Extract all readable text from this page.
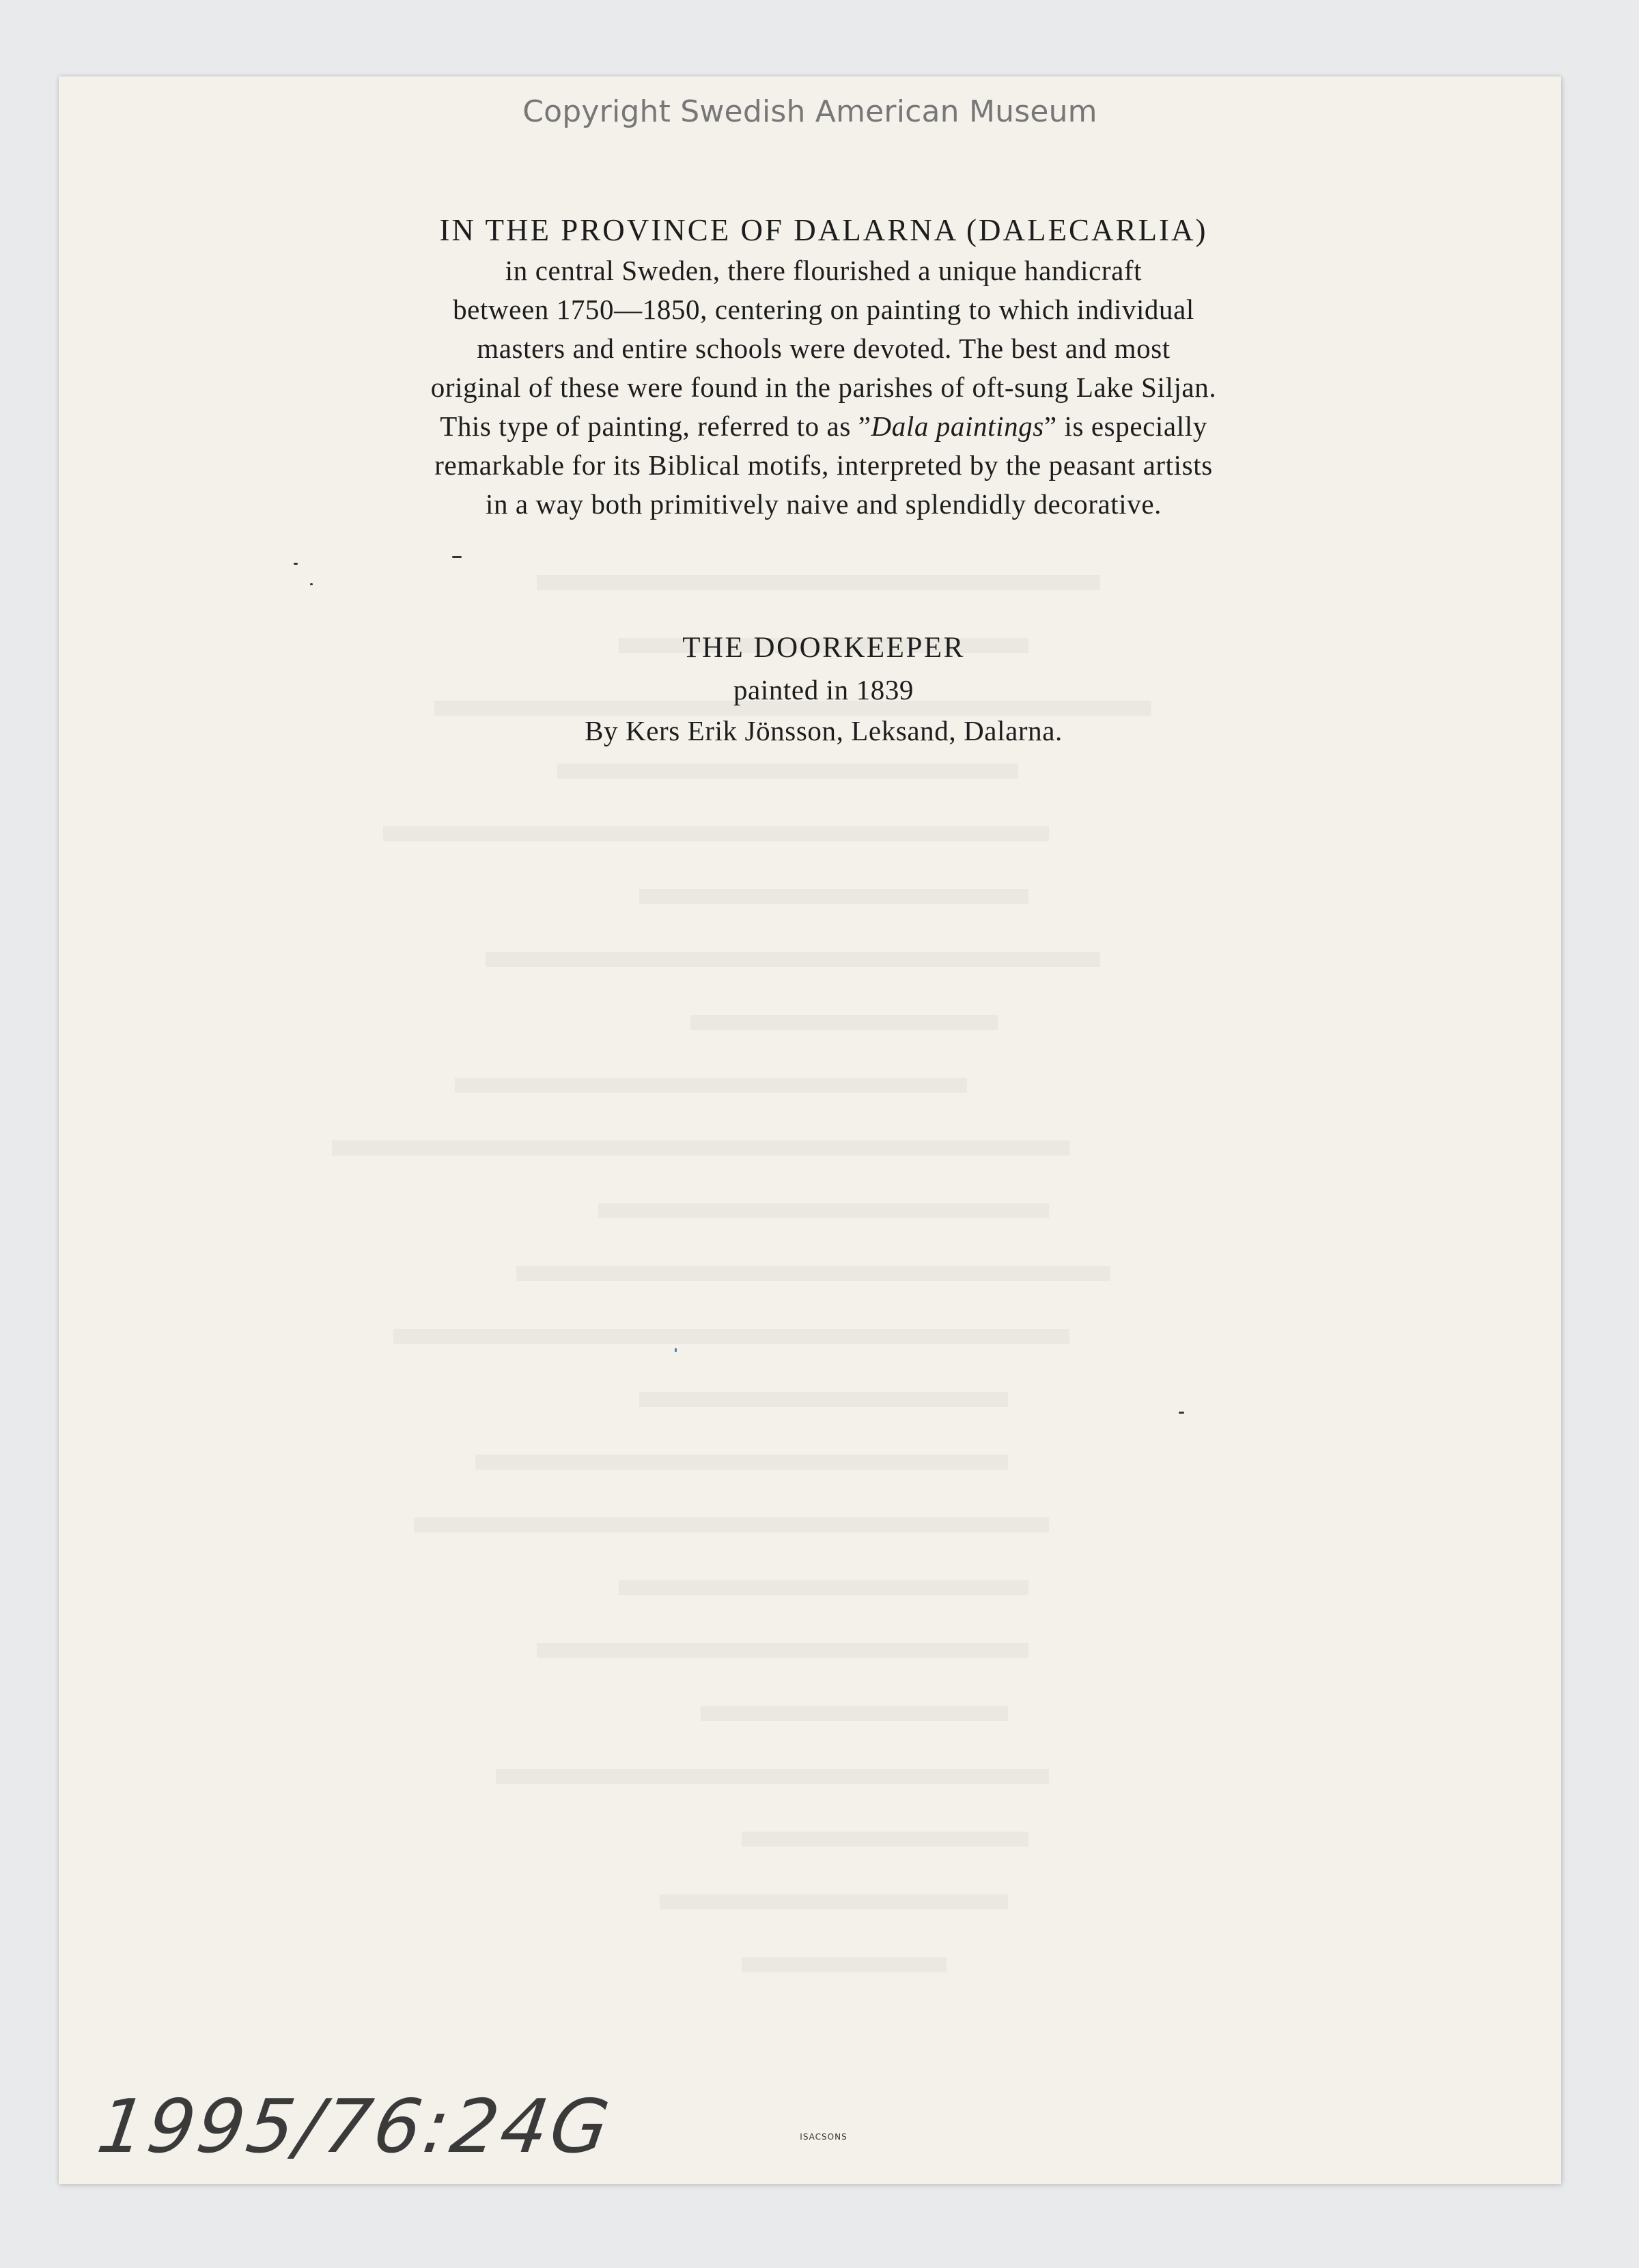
Copyright Swedish American Museum
IN THE PROVINCE OF DALARNA (DALECARLIA)
in central Sweden, there flourished a unique handicraft
between 1750—1850, centering on painting to which individual
masters and entire schools were devoted. The best and most
original of these were found in the parishes of oft-sung Lake Siljan.
This type of painting, referred to as ”Dala paintings” is especially
remarkable for its Biblical motifs, interpreted by the peasant artists
in a way both primitively naive and splendidly decorative.
THE DOORKEEPER
painted in 1839
By Kers Erik Jönsson, Leksand, Dalarna.
1995/76:24G	ISACSONS
